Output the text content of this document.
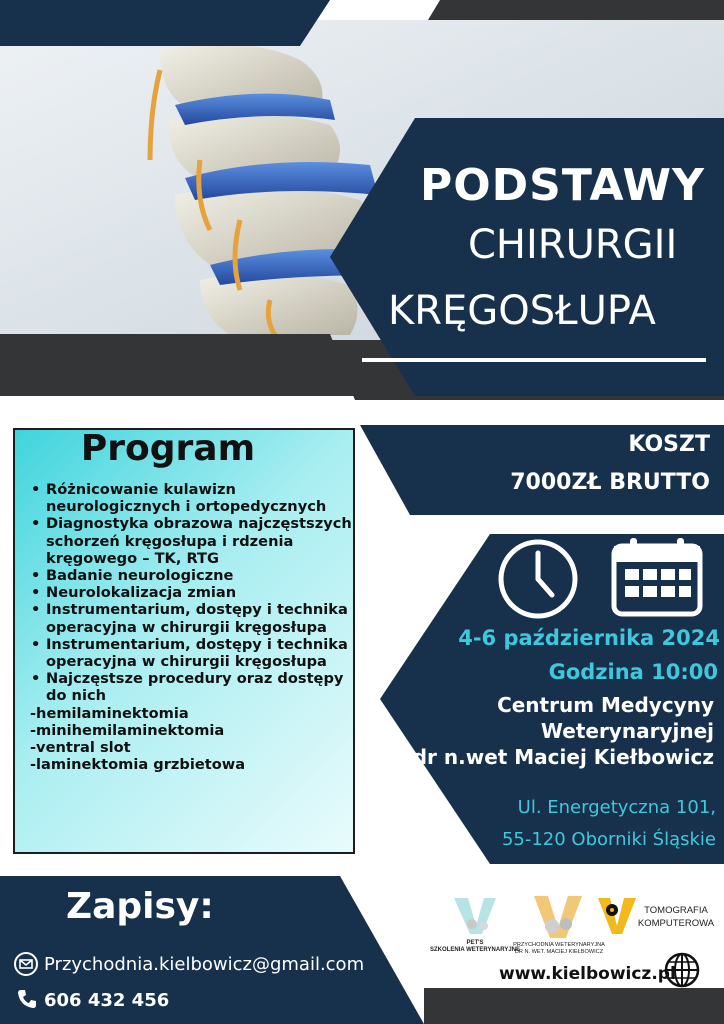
PODSTAWY
CHIRURGII
KRĘGOSŁUPA
Program
• Różnicowanie kulawizn neurologicznych i ortopedycznych
• Diagnostyka obrazowa najczęstszych schorzeń kręgosłupa i rdzenia kręgowego – TK, RTG
• Badanie neurologiczne
• Neurolokalizacja zmian
• Instrumentarium, dostępy i technika operacyjna w chirurgii kręgosłupa
• Instrumentarium, dostępy i technika operacyjna w chirurgii kręgosłupa
• Najczęstsze procedury oraz dostępy do nich
-hemilaminektomia
-minihemilaminektomia
-ventral slot
-laminektomia grzbietowa
KOSZT
7000ZŁ BRUTTO
4-6 października 2024
Godzina 10:00
Centrum Medycyny
Weterynaryjnej
dr n.wet Maciej Kiełbowicz
Ul. Energetyczna 101,
55-120 Oborniki Śląskie
Zapisy:
Przychodnia.kielbowicz@gmail.com
606 432 456
PET'S
SZKOLENIA WETERYNARYJNE
PRZYCHODNIA WETERYNARYJNA
DR N. WET. MACIEJ KIEŁBOWICZ
TOMOGRAFIA
KOMPUTEROWA
www.kielbowicz.pl
